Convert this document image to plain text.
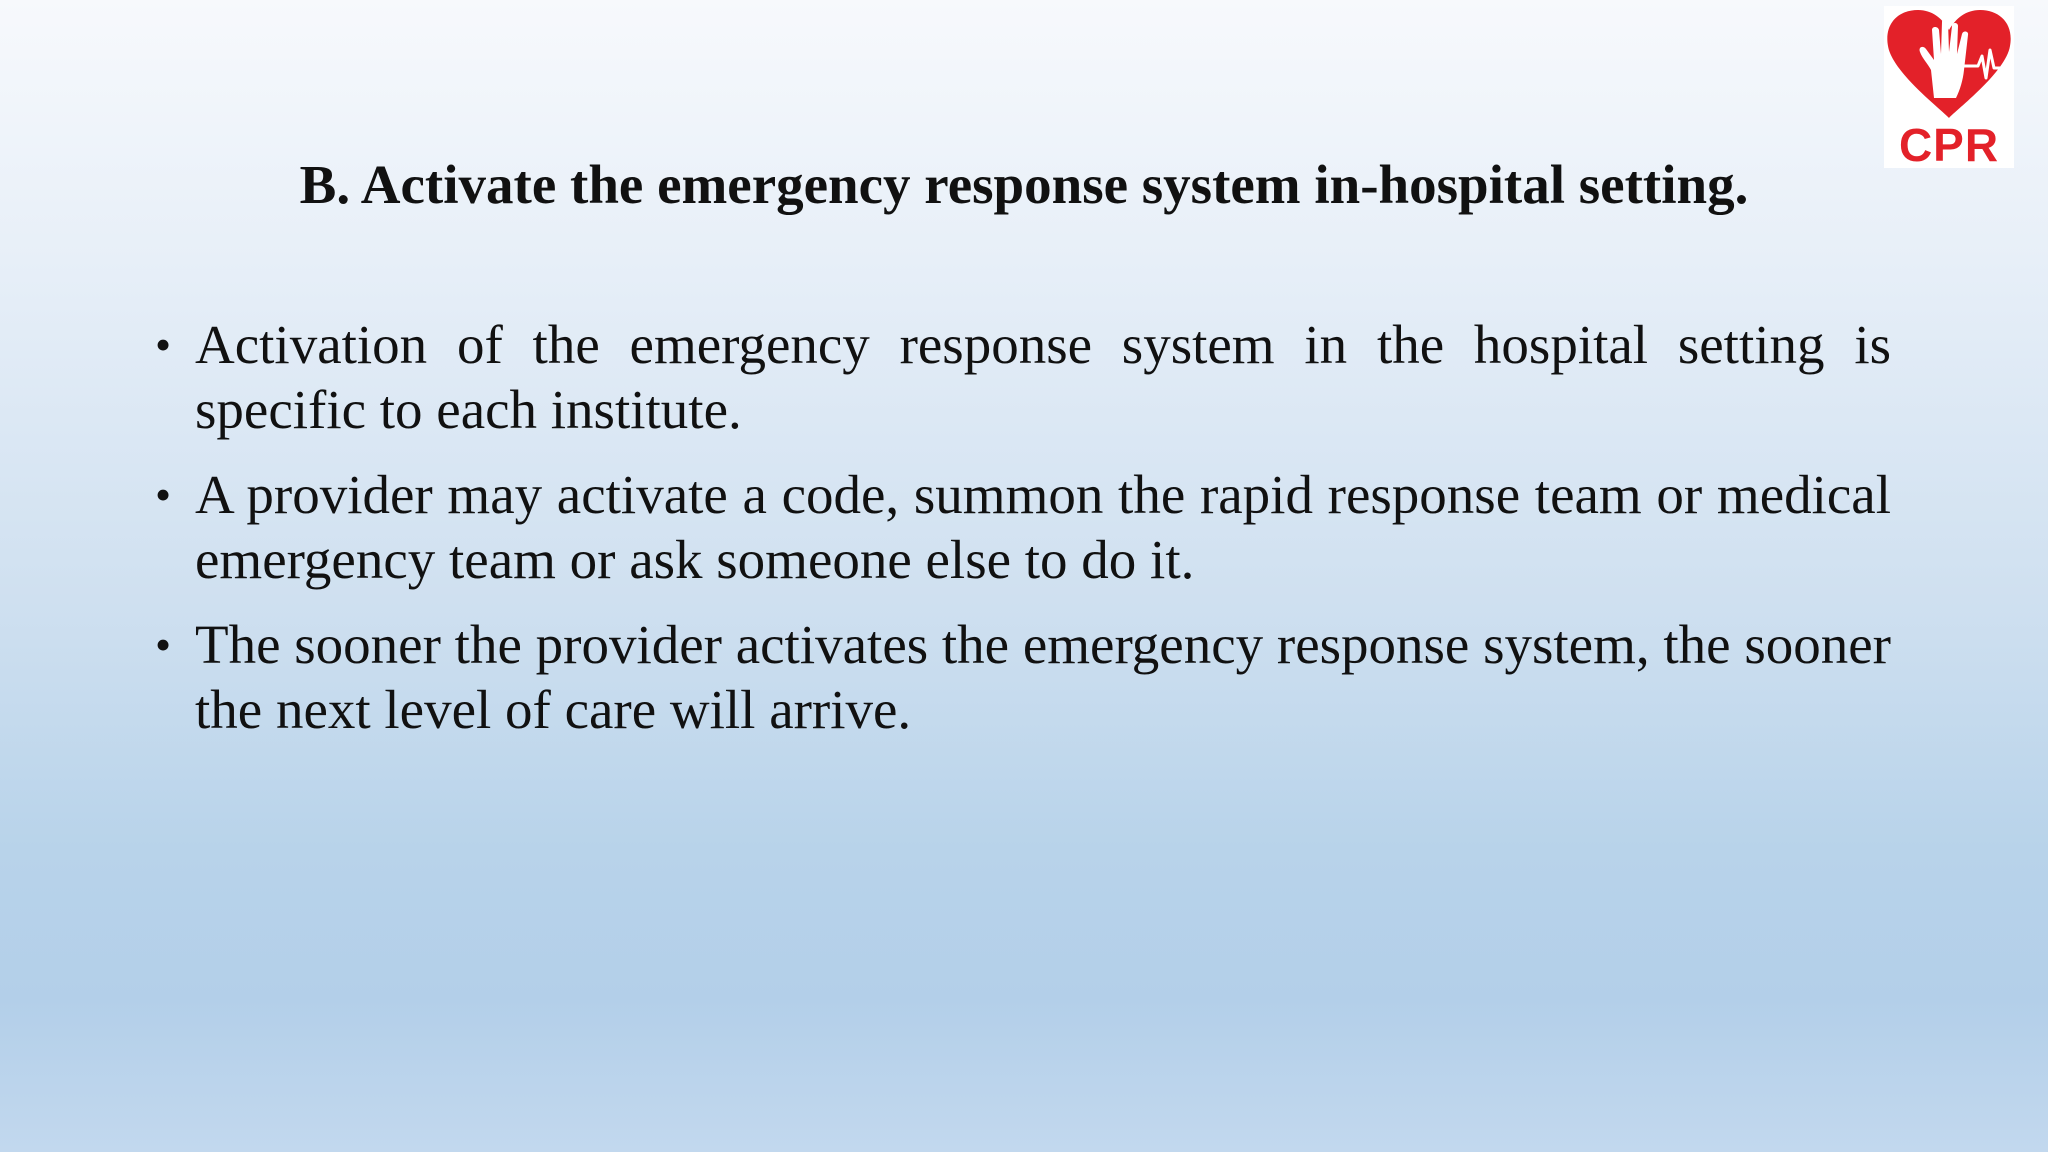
CPR
B. Activate the emergency response system in-hospital setting.
• Activation of the emergency response system in the hospital setting is specific to each institute.
• A provider may activate a code, summon the rapid response team or medical emergency team or ask someone else to do it.
• The sooner the provider activates the emergency response system, the sooner the next level of care will arrive.
